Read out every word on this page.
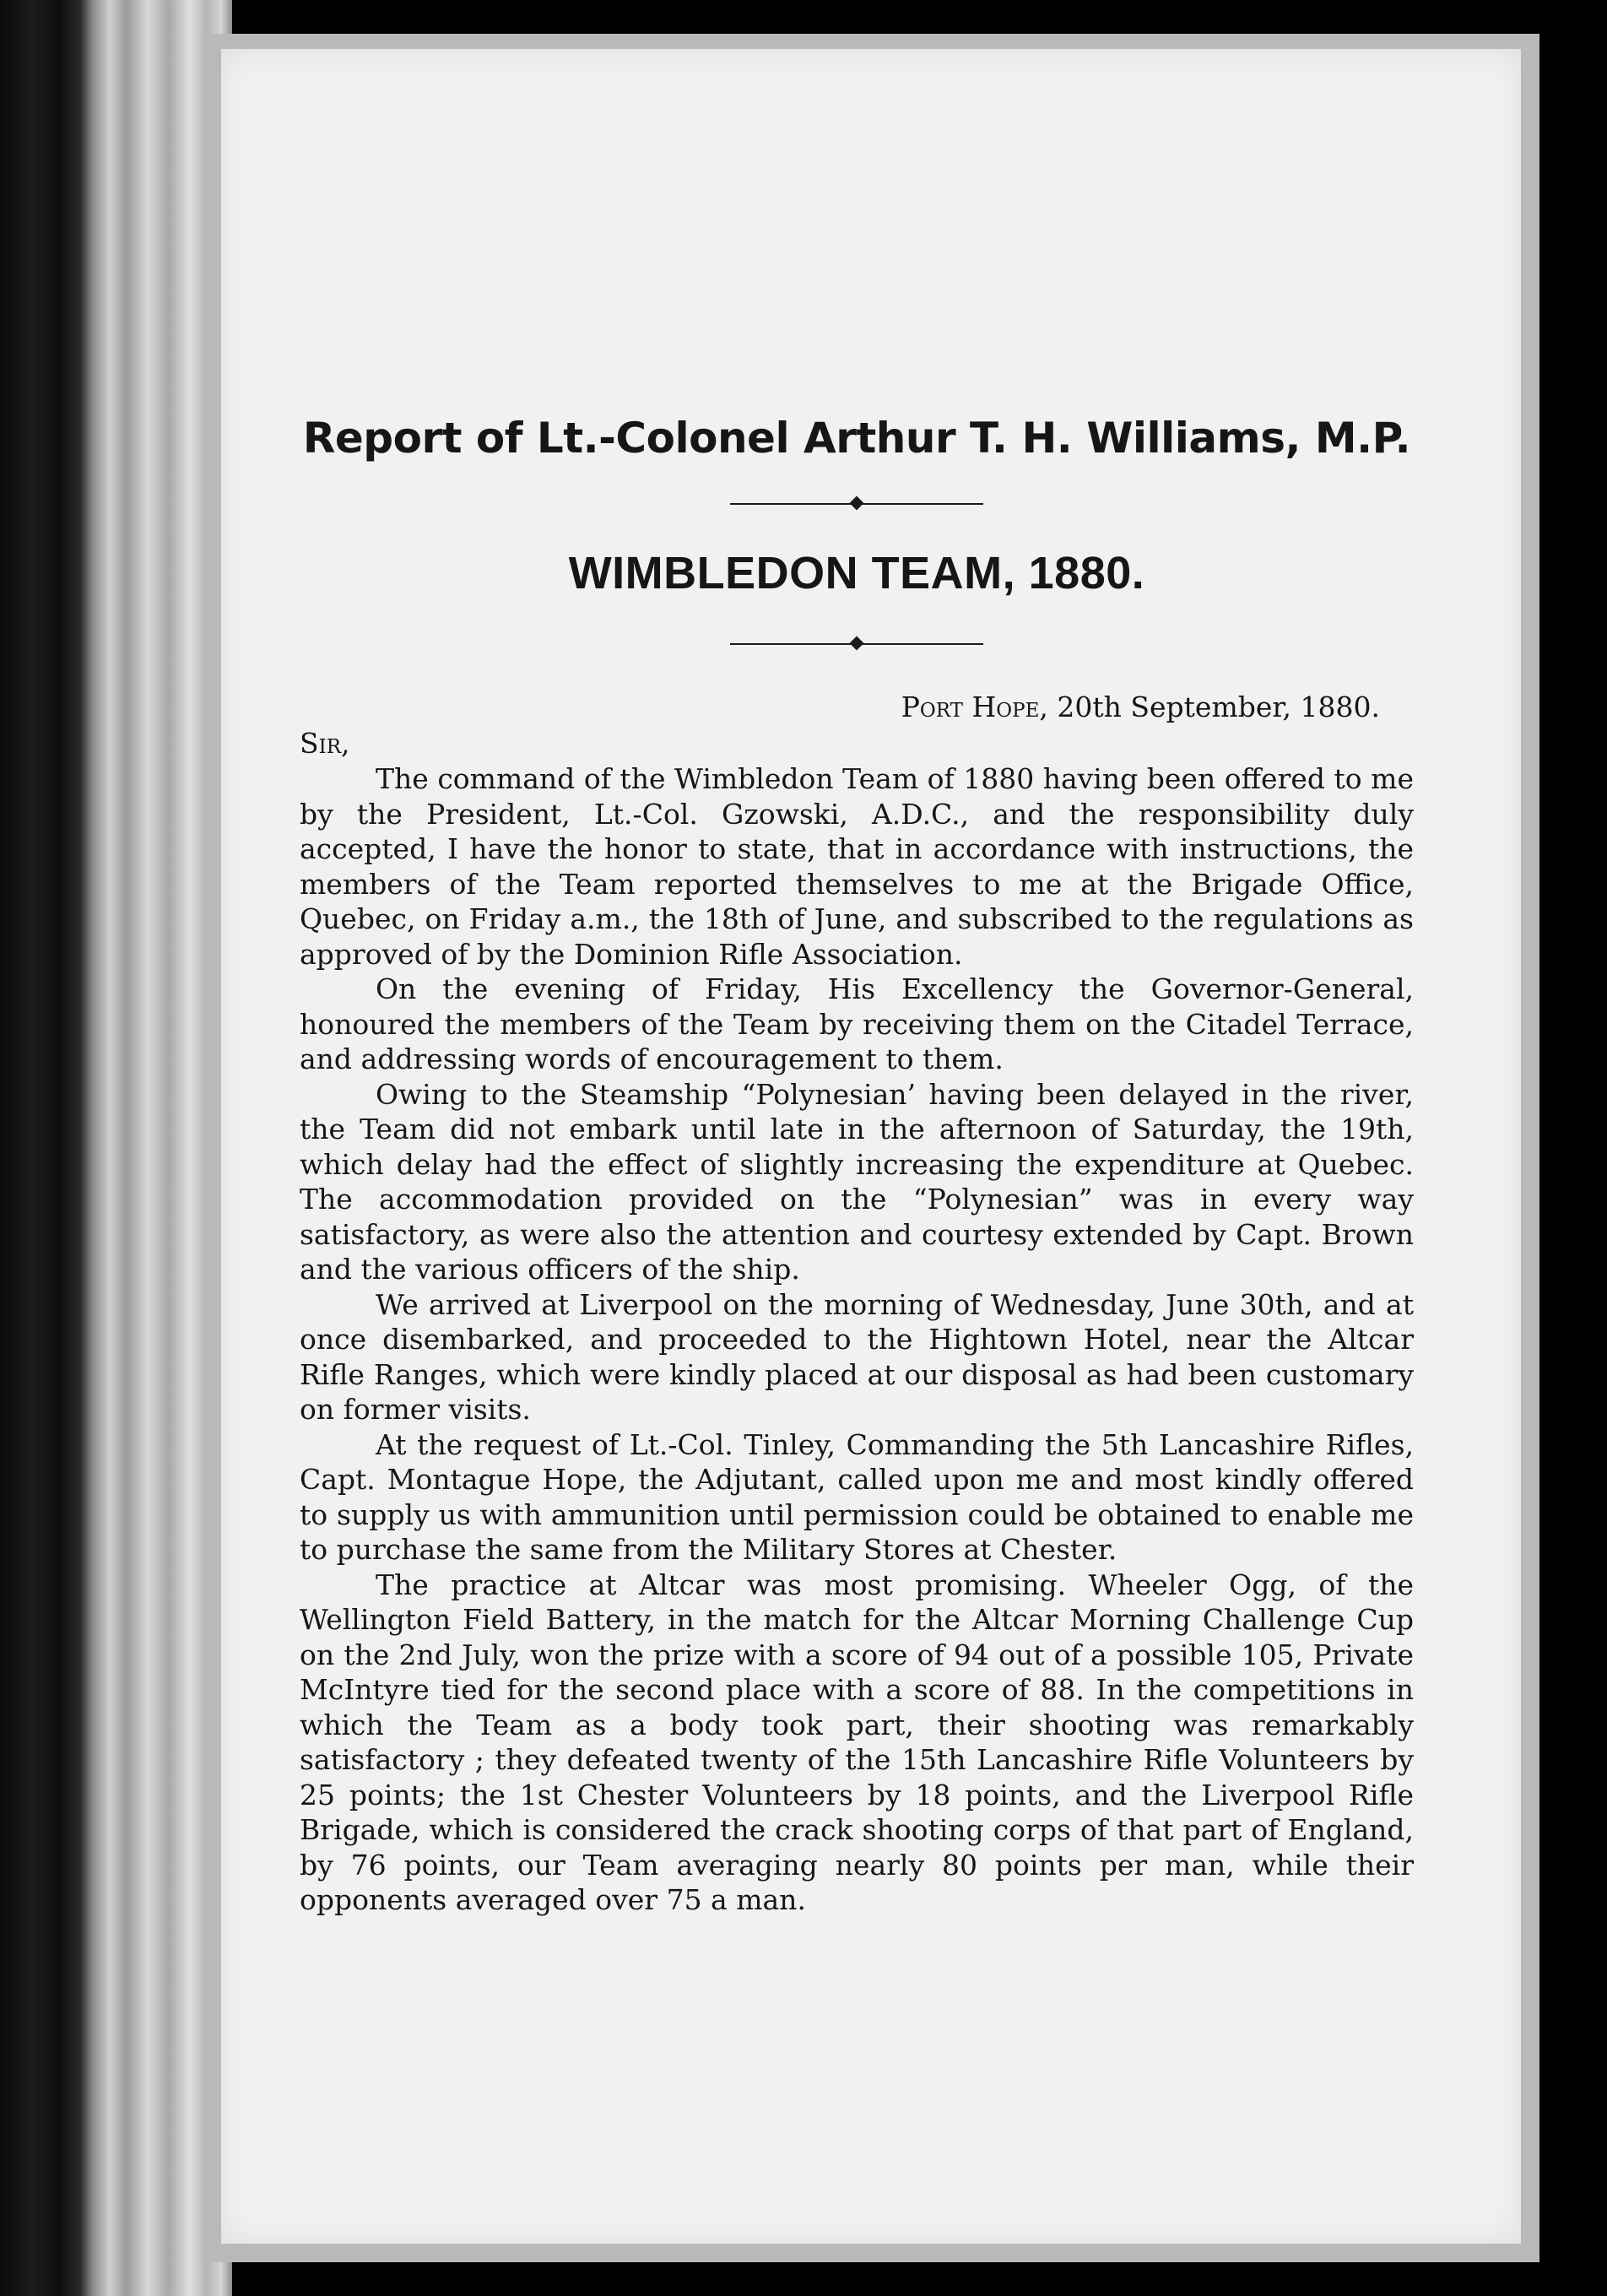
Report of Lt.-Colonel Arthur T. H. Williams, M.P.
WIMBLEDON TEAM, 1880.
Port Hope, 20th September, 1880.
Sir,

The command of the Wimbledon Team of 1880 having been offered to me by the President, Lt.-Col. Gzowski, A.D.C., and the responsibility duly accepted, I have the honor to state, that in accordance with instructions, the members of the Team reported themselves to me at the Brigade Office, Quebec, on Friday a.m., the 18th of June, and subscribed to the regulations as approved of by the Dominion Rifle Association.

On the evening of Friday, His Excellency the Governor-General, honoured the members of the Team by receiving them on the Citadel Terrace, and addressing words of encouragement to them.

Owing to the Steamship “Polynesian’ having been delayed in the river, the Team did not embark until late in the afternoon of Saturday, the 19th, which delay had the effect of slightly increasing the expenditure at Quebec. The accommodation provided on the “Polynesian” was in every way satisfactory, as were also the attention and courtesy extended by Capt. Brown and the various officers of the ship.

We arrived at Liverpool on the morning of Wednesday, June 30th, and at once disembarked, and proceeded to the Hightown Hotel, near the Altcar Rifle Ranges, which were kindly placed at our disposal as had been customary on former visits.

At the request of Lt.-Col. Tinley, Commanding the 5th Lancashire Rifles, Capt. Montague Hope, the Adjutant, called upon me and most kindly offered to supply us with ammunition until permission could be obtained to enable me to purchase the same from the Military Stores at Chester.

The practice at Altcar was most promising. Wheeler Ogg, of the Wellington Field Battery, in the match for the Altcar Morning Challenge Cup on the 2nd July, won the prize with a score of 94 out of a possible 105, Private McIntyre tied for the second place with a score of 88. In the competitions in which the Team as a body took part, their shooting was remarkably satisfactory ; they defeated twenty of the 15th Lancashire Rifle Volunteers by 25 points; the 1st Chester Volunteers by 18 points, and the Liverpool Rifle Brigade, which is considered the crack shooting corps of that part of England, by 76 points, our Team averaging nearly 80 points per man, while their opponents averaged over 75 a man.
